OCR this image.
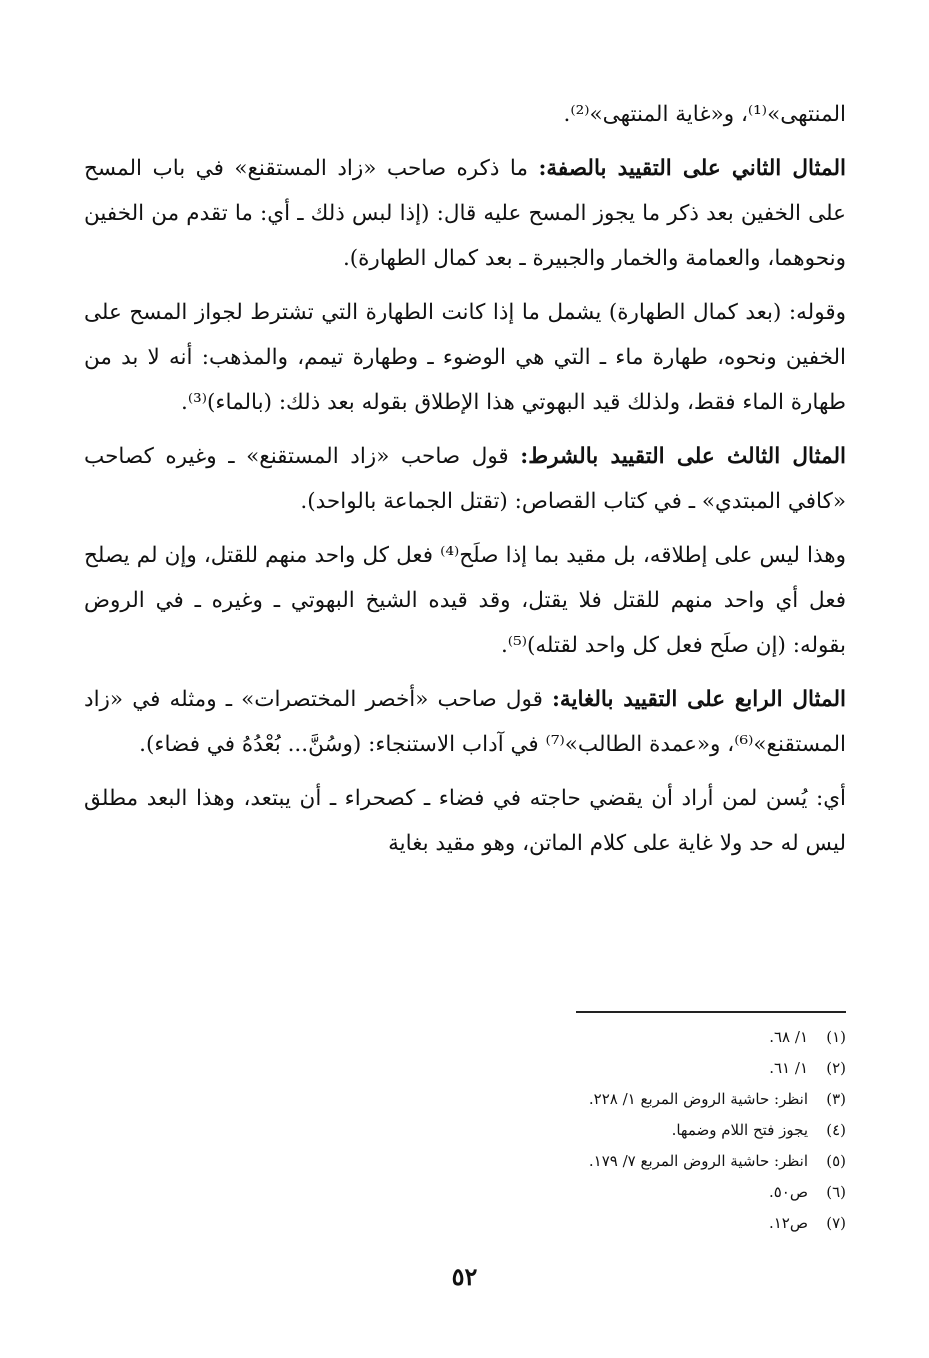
المنتهى»⁽¹⁾، و«غاية المنتهى»⁽²⁾.

المثال الثاني على التقييد بالصفة: ما ذكره صاحب «زاد المستقنع» في باب المسح على الخفين بعد ذكر ما يجوز المسح عليه قال: (إذا لبس ذلك ـ أي: ما تقدم من الخفين ونحوهما، والعمامة والخمار والجبيرة ـ بعد كمال الطهارة).

وقوله: (بعد كمال الطهارة) يشمل ما إذا كانت الطهارة التي تشترط لجواز المسح على الخفين ونحوه، طهارة ماء ـ التي هي الوضوء ـ وطهارة تيمم، والمذهب: أنه لا بد من طهارة الماء فقط، ولذلك قيد البهوتي هذا الإطلاق بقوله بعد ذلك: (بالماء)⁽³⁾.

المثال الثالث على التقييد بالشرط: قول صاحب «زاد المستقنع» ـ وغيره كصاحب «كافي المبتدي» ـ في كتاب القصاص: (تقتل الجماعة بالواحد).

وهذا ليس على إطلاقه، بل مقيد بما إذا صلَح⁽⁴⁾ فعل كل واحد منهم للقتل، وإن لم يصلح فعل أي واحد منهم للقتل فلا يقتل، وقد قيده الشيخ البهوتي ـ وغيره ـ في الروض بقوله: (إن صلَح فعل كل واحد لقتله)⁽⁵⁾.

المثال الرابع على التقييد بالغاية: قول صاحب «أخصر المختصرات» ـ ومثله في «زاد المستقنع»⁽⁶⁾، و«عمدة الطالب»⁽⁷⁾ في آداب الاستنجاء: (وسُنَّ... بُعْدُهُ في فضاء).

أي: يُسن لمن أراد أن يقضي حاجته في فضاء ـ كصحراء ـ أن يبتعد، وهذا البعد مطلق ليس له حد ولا غاية على كلام الماتن، وهو مقيد بغاية

(١)
١/ ٦٨.
(٢)
١/ ٦١.
(٣)
انظر: حاشية الروض المربع ١/ ٢٢٨.
(٤)
يجوز فتح اللام وضمها.
(٥)
انظر: حاشية الروض المربع ٧/ ١٧٩.
(٦)
ص٥٠.
(٧)
ص١٢.
٥٢
